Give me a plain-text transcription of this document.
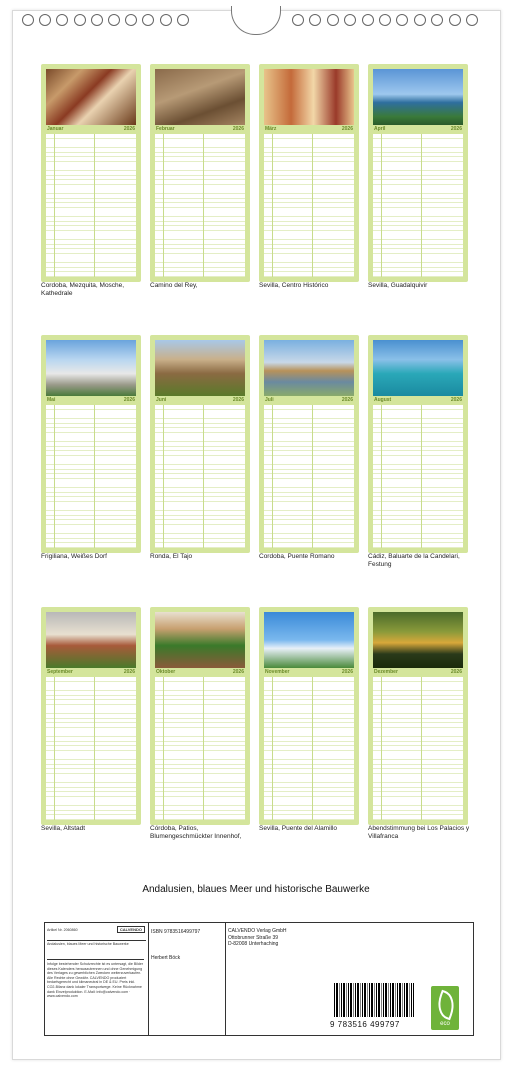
Januar	2026
Cordoba, Mezquita, Mosche, Kathedrale
Februar	2026
Camino del Rey,
März	2026
Sevilla, Centro Histórico
April	2026
Sevilla, Guadalquivir
Mai	2026
Frigiliana, Weißes Dorf
Juni	2026
Ronda, El Tajo
Juli	2026
Cordoba, Puente Romano
August	2026
Cádiz, Baluarte de la Candelari, Festung
September	2026
Sevilla, Altstadt
Oktober	2026
Córdoba, Patios, Blumengeschmückter Innenhof,
November	2026
Sevilla, Puente del Alamillo
Dezember	2026
Abendstimmung bei Los Palacios y Villafranca
Andalusien, blaues Meer und historische Bauwerke
Artikel Nr. 2060860	CALVENDO
Andalusien, blaues Meer und historische Bauwerke
Infolge bestehender Schutzrechte ist es untersagt, die Bilder dieses Kalenders herauszutrennen und ohne Genehmigung des Verlages zu gewerblichen Zwecken weiterzuverkaufen. Alle Rechte ohne Gewähr. CALVENDO produziert bedarfsgerecht und klimaneutral in DE & EU. Preis inkl. CO2-Bilanz dank lokaler Transportwege. Keine Rücknahme dank Einzelproduktion. E-Mail: info@calvendo.com · www.calvendo.com
ISBN 9783516499797
Herbert Böck
CALVENDO Verlag GmbH
Ottobrunner Straße 39
D-82008 Unterhaching
9 783516 499797	eco
